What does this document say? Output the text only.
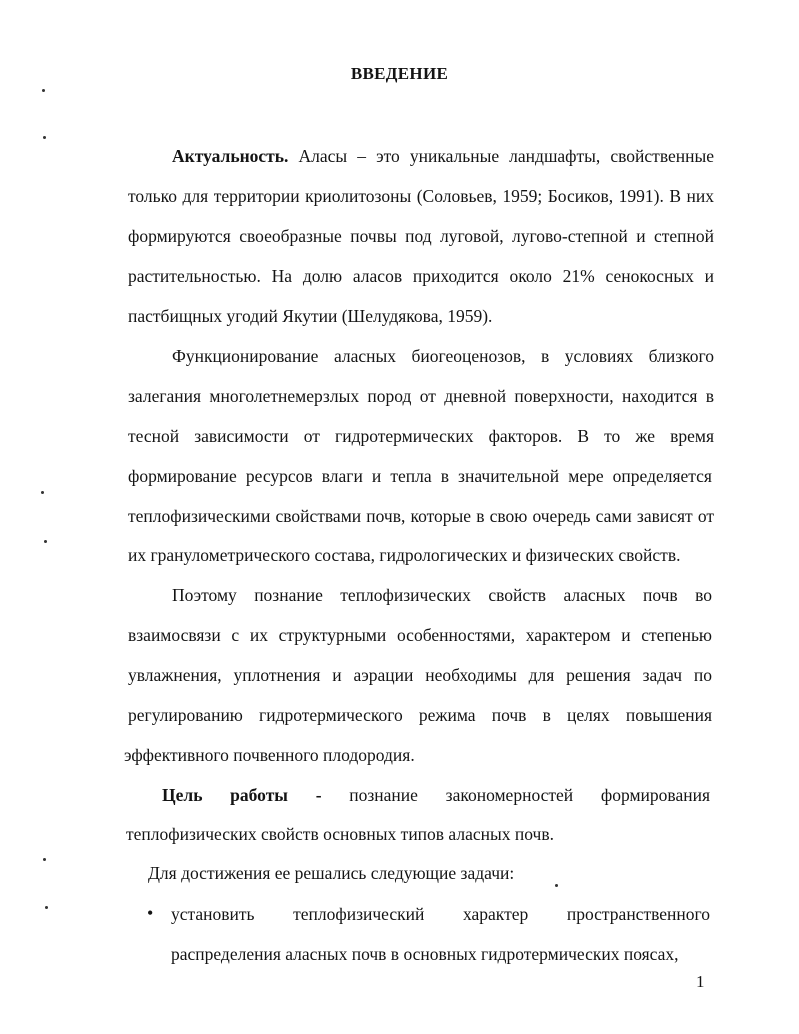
ВВЕДЕНИЕ
Актуальность. Аласы – это уникальные ландшафты, свойственные
только для территории криолитозоны (Соловьев, 1959; Босиков, 1991). В них
формируются своеобразные почвы под луговой, лугово-степной и степной
растительностью. На долю аласов приходится около 21% сенокосных и
пастбищных угодий Якутии (Шелудякова, 1959).
Функционирование аласных биогеоценозов, в условиях близкого
залегания многолетнемерзлых пород от дневной поверхности, находится в
тесной зависимости от гидротермических факторов. В то же время
формирование ресурсов влаги и тепла в значительной мере определяется
теплофизическими свойствами почв, которые в свою очередь сами зависят от
их гранулометрического состава, гидрологических и физических свойств.
Поэтому познание теплофизических свойств аласных почв во
взаимосвязи с их структурными особенностями, характером и степенью
увлажнения, уплотнения и аэрации необходимы для решения задач по
регулированию гидротермического режима почв в целях повышения
эффективного почвенного плодородия.
Цель работы - познание закономерностей формирования
теплофизических свойств основных типов аласных почв.
Для достижения ее решались следующие задачи:
• установить теплофизический характер пространственного
распределения аласных почв в основных гидротермических поясах,
1
